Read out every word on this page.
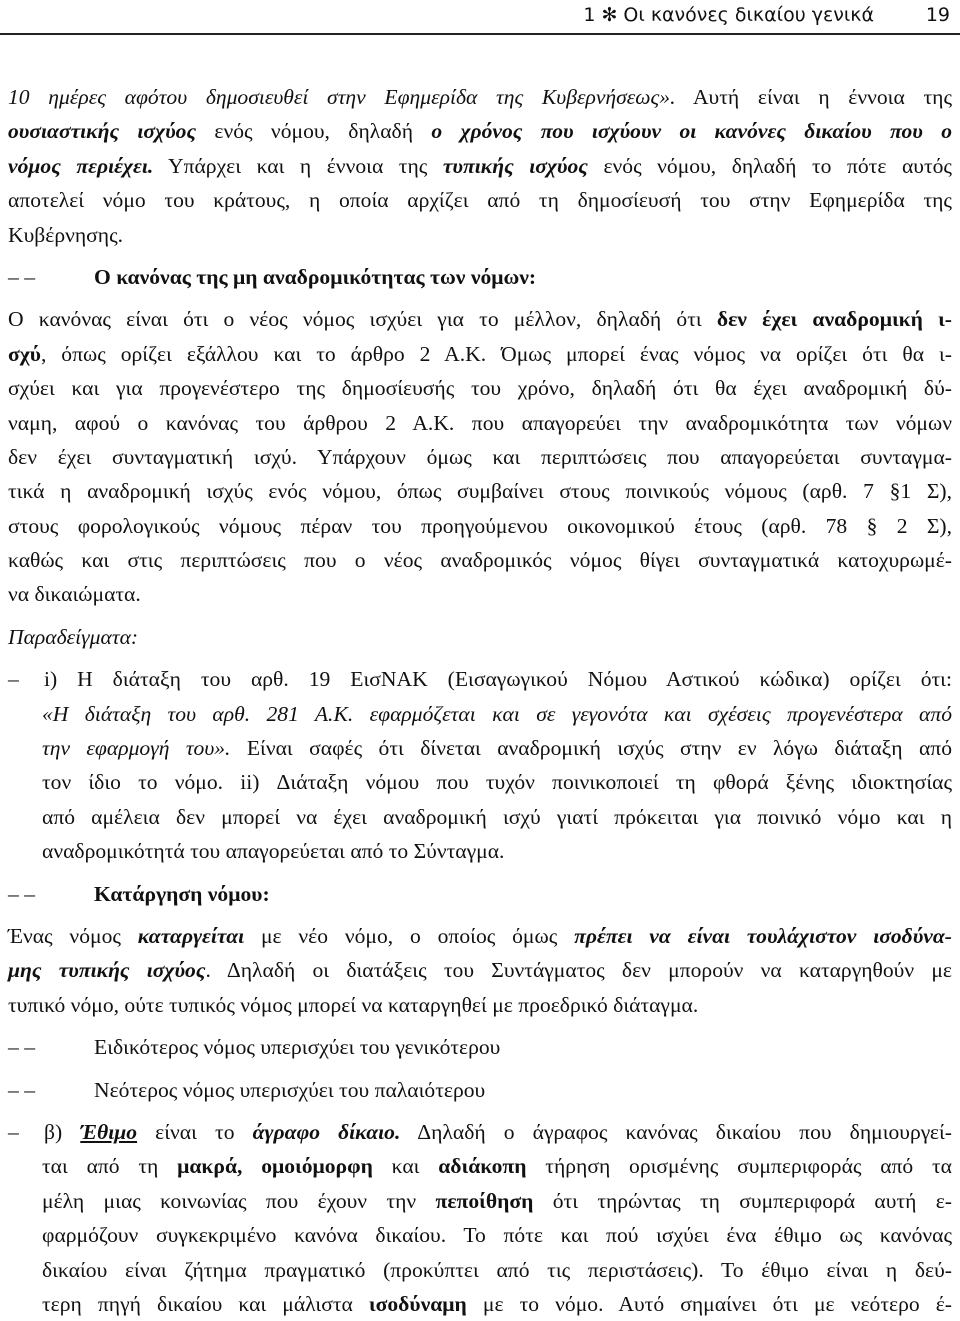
1 ✻ Οι κανόνες δικαίου γενικά	19
10 ημέρες αφότου δημοσιευθεί στην Εφημερίδα της Κυβερνήσεως». Αυτή είναι η έννοια της
ουσιαστικής ισχύος ενός νόμου, δηλαδή ο χρόνος που ισχύουν οι κανόνες δικαίου που ο
νόμος περιέχει. Υπάρχει και η έννοια της τυπικής ισχύος ενός νόμου, δηλαδή το πότε αυτός
αποτελεί νόμο του κράτους, η οποία αρχίζει από τη δημοσίευσή του στην Εφημερίδα της
Κυβέρνησης.
– –	Ο κανόνας της μη αναδρομικότητας των νόμων:
Ο κανόνας είναι ότι ο νέος νόμος ισχύει για το μέλλον, δηλαδή ότι δεν έχει αναδρομική ι-
σχύ, όπως ορίζει εξάλλου και το άρθρο 2 Α.Κ. Όμως μπορεί ένας νόμος να ορίζει ότι θα ι-
σχύει και για προγενέστερο της δημοσίευσής του χρόνο, δηλαδή ότι θα έχει αναδρομική δύ-
ναμη, αφού ο κανόνας του άρθρου 2 Α.Κ. που απαγορεύει την αναδρομικότητα των νόμων
δεν έχει συνταγματική ισχύ. Υπάρχουν όμως και περιπτώσεις που απαγορεύεται συνταγμα-
τικά η αναδρομική ισχύς ενός νόμου, όπως συμβαίνει στους ποινικούς νόμους (αρθ. 7 §1 Σ),
στους φορολογικούς νόμους πέραν του προηγούμενου οικονομικού έτους (αρθ. 78 § 2 Σ),
καθώς και στις περιπτώσεις που ο νέος αναδρομικός νόμος θίγει συνταγματικά κατοχυρωμέ-
να δικαιώματα.
Παραδείγματα:
– i) Η διάταξη του αρθ. 19 ΕισΝΑΚ (Εισαγωγικού Νόμου Αστικού κώδικα) ορίζει ότι:
«Η διάταξη του αρθ. 281 Α.Κ. εφαρμόζεται και σε γεγονότα και σχέσεις προγενέστερα από
την εφαρμογή του». Είναι σαφές ότι δίνεται αναδρομική ισχύς στην εν λόγω διάταξη από
τον ίδιο το νόμο. ii) Διάταξη νόμου που τυχόν ποινικοποιεί τη φθορά ξένης ιδιοκτησίας
από αμέλεια δεν μπορεί να έχει αναδρομική ισχύ γιατί πρόκειται για ποινικό νόμο και η
αναδρομικότητά του απαγορεύεται από το Σύνταγμα.
– –	Κατάργηση νόμου:
Ένας νόμος καταργείται με νέο νόμο, ο οποίος όμως πρέπει να είναι τουλάχιστον ισοδύνα-
μης τυπικής ισχύος. Δηλαδή οι διατάξεις του Συντάγματος δεν μπορούν να καταργηθούν με
τυπικό νόμο, ούτε τυπικός νόμος μπορεί να καταργηθεί με προεδρικό διάταγμα.
– –	Ειδικότερος νόμος υπερισχύει του γενικότερου
– –	Νεότερος νόμος υπερισχύει του παλαιότερου
– β) Έθιμο είναι το άγραφο δίκαιο. Δηλαδή ο άγραφος κανόνας δικαίου που δημιουργεί-
ται από τη μακρά, ομοιόμορφη και αδιάκοπη τήρηση ορισμένης συμπεριφοράς από τα
μέλη μιας κοινωνίας που έχουν την πεποίθηση ότι τηρώντας τη συμπεριφορά αυτή ε-
φαρμόζουν συγκεκριμένο κανόνα δικαίου. Το πότε και πού ισχύει ένα έθιμο ως κανόνας
δικαίου είναι ζήτημα πραγματικό (προκύπτει από τις περιστάσεις). Το έθιμο είναι η δεύ-
τερη πηγή δικαίου και μάλιστα ισοδύναμη με το νόμο. Αυτό σημαίνει ότι με νεότερο έ-
